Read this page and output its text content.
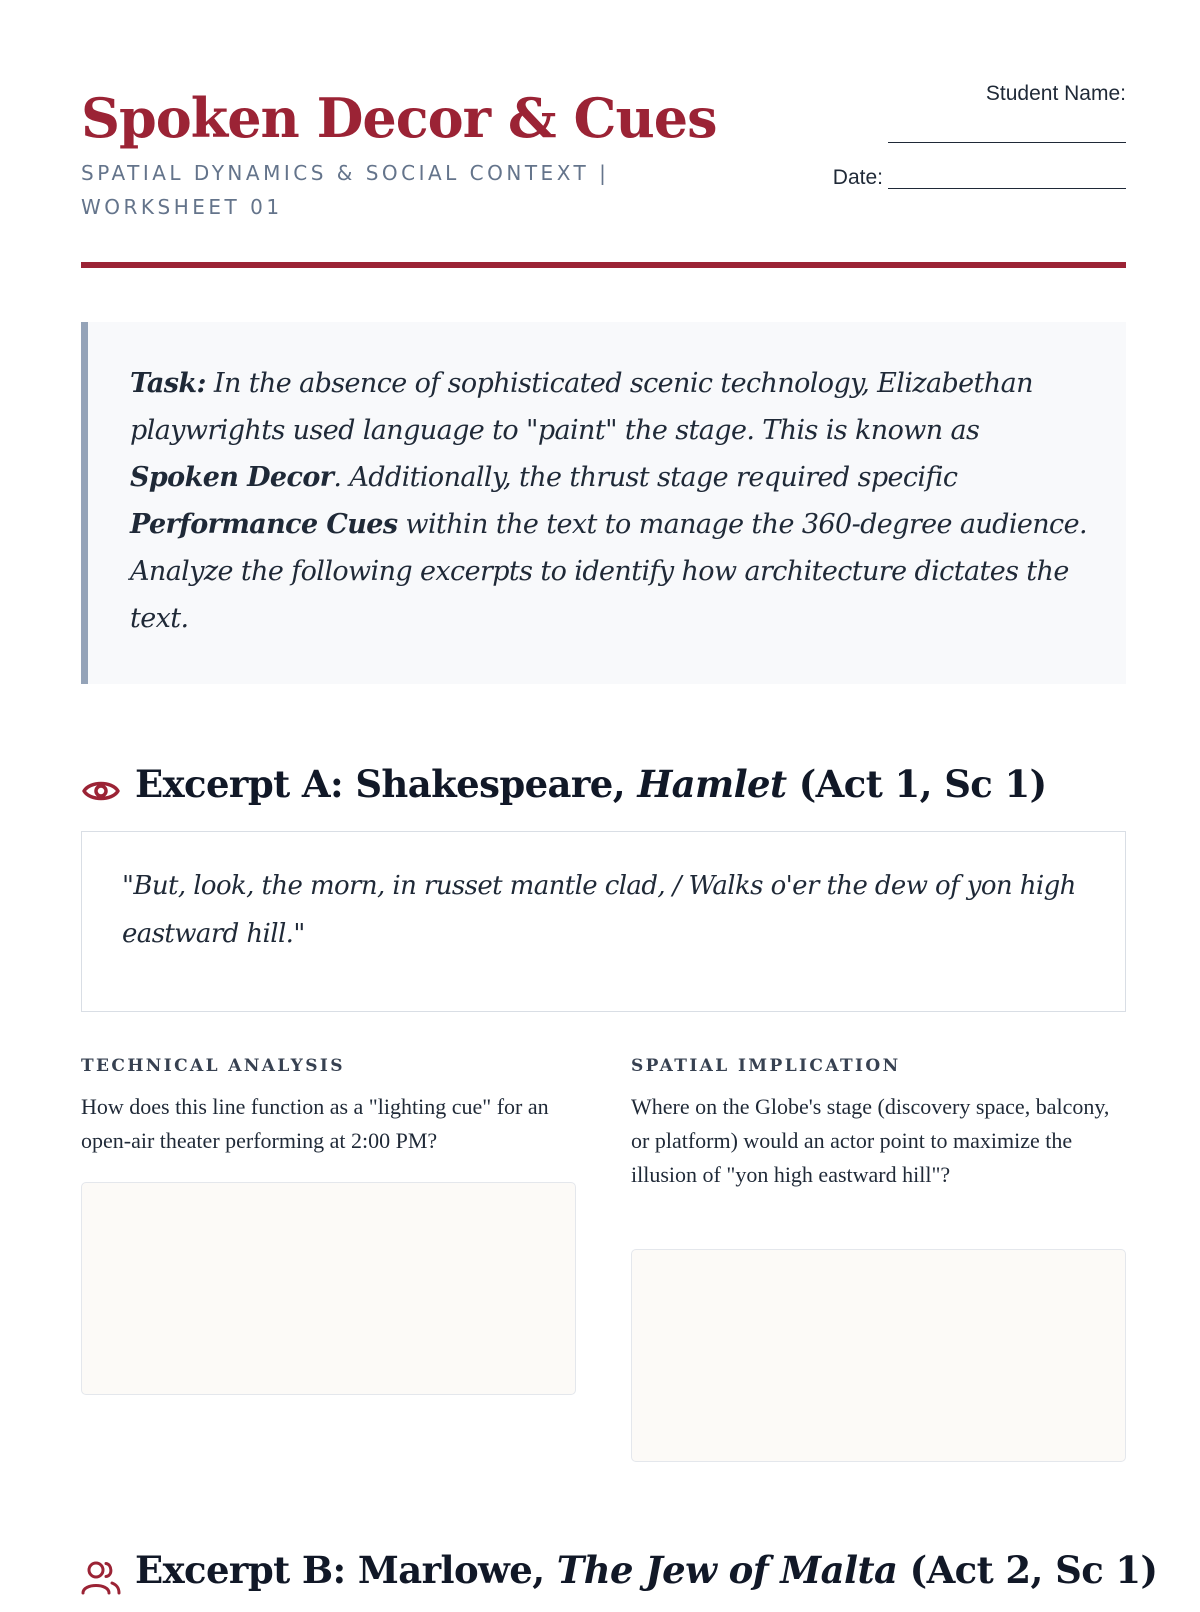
Spoken Decor & Cues
SPATIAL DYNAMICS & SOCIAL CONTEXT | WORKSHEET 01
Student Name:
Date:
Task: In the absence of sophisticated scenic technology, Elizabethan playwrights used language to "paint" the stage. This is known as Spoken Decor. Additionally, the thrust stage required specific Performance Cues within the text to manage the 360-degree audience. Analyze the following excerpts to identify how architecture dictates the text.
Excerpt A: Shakespeare, Hamlet (Act 1, Sc 1)
"But, look, the morn, in russet mantle clad, / Walks o'er the dew of yon high eastward hill."
TECHNICAL ANALYSIS

How does this line function as a "lighting cue" for an open-air theater performing at 2:00 PM?

SPATIAL IMPLICATION

Where on the Globe's stage (discovery space, balcony, or platform) would an actor point to maximize the illusion of "yon high eastward hill"?

Excerpt B: Marlowe, The Jew of Malta (Act 2, Sc 1)
